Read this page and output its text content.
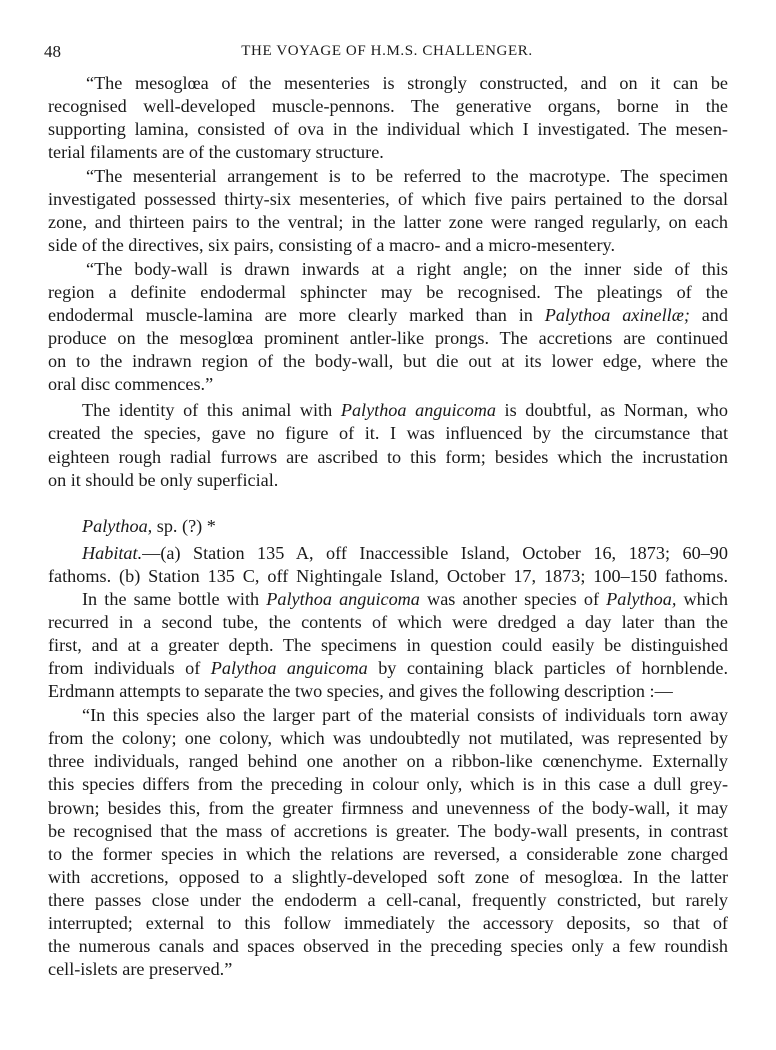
48	THE VOYAGE OF H.M.S. CHALLENGER.
“The mesoglœa of the mesenteries is strongly constructed, and on it can be
recognised well-developed muscle-pennons. The generative organs, borne in the
supporting lamina, consisted of ova in the individual which I investigated. The mesen-
terial filaments are of the customary structure.
“The mesenterial arrangement is to be referred to the macrotype. The specimen
investigated possessed thirty-six mesenteries, of which five pairs pertained to the dorsal
zone, and thirteen pairs to the ventral; in the latter zone were ranged regularly, on each
side of the directives, six pairs, consisting of a macro- and a micro-mesentery.
“The body-wall is drawn inwards at a right angle; on the inner side of this
region a definite endodermal sphincter may be recognised. The pleatings of the
endodermal muscle-lamina are more clearly marked than in Palythoa axinellæ; and
produce on the mesoglœa prominent antler-like prongs. The accretions are continued
on to the indrawn region of the body-wall, but die out at its lower edge, where the
oral disc commences.”
The identity of this animal with Palythoa anguicoma is doubtful, as Norman, who
created the species, gave no figure of it. I was influenced by the circumstance that
eighteen rough radial furrows are ascribed to this form; besides which the incrustation
on it should be only superficial.
Palythoa, sp. (?) *
Habitat.—(a) Station 135 A, off Inaccessible Island, October 16, 1873; 60–90
fathoms. (b) Station 135 C, off Nightingale Island, October 17, 1873; 100–150 fathoms.
In the same bottle with Palythoa anguicoma was another species of Palythoa, which
recurred in a second tube, the contents of which were dredged a day later than the
first, and at a greater depth. The specimens in question could easily be distinguished
from individuals of Palythoa anguicoma by containing black particles of hornblende.
Erdmann attempts to separate the two species, and gives the following description :—
“In this species also the larger part of the material consists of individuals torn away
from the colony; one colony, which was undoubtedly not mutilated, was represented by
three individuals, ranged behind one another on a ribbon-like cœnenchyme. Externally
this species differs from the preceding in colour only, which is in this case a dull grey-
brown; besides this, from the greater firmness and unevenness of the body-wall, it may
be recognised that the mass of accretions is greater. The body-wall presents, in contrast
to the former species in which the relations are reversed, a considerable zone charged
with accretions, opposed to a slightly-developed soft zone of mesoglœa. In the latter
there passes close under the endoderm a cell-canal, frequently constricted, but rarely
interrupted; external to this follow immediately the accessory deposits, so that of
the numerous canals and spaces observed in the preceding species only a few roundish
cell-islets are preserved.”
